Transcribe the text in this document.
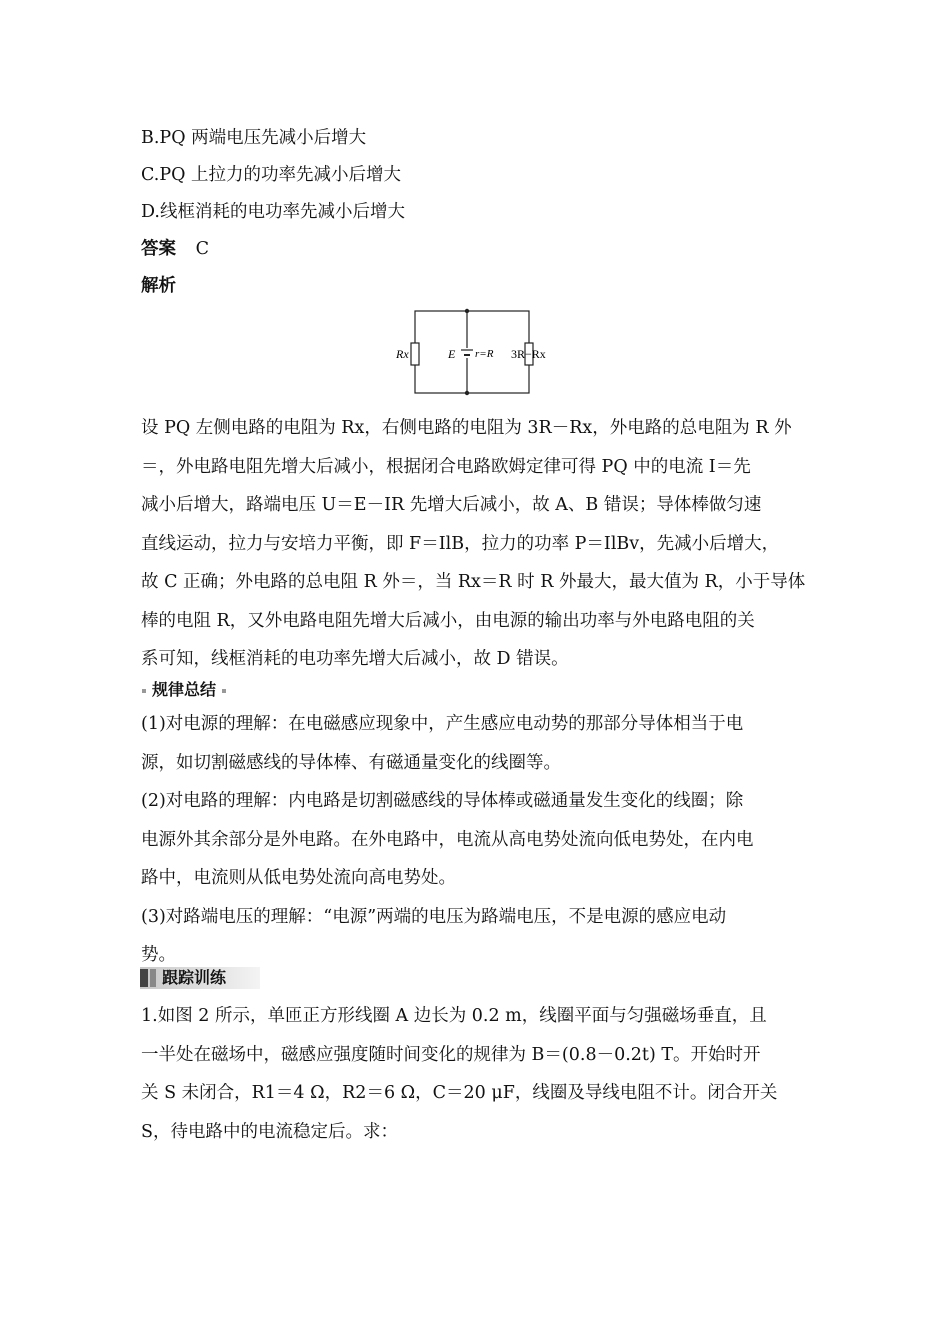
B.PQ 两端电压先减小后增大
C.PQ 上拉力的功率先减小后增大
D.线框消耗的电功率先减小后增大
答案 C
解析
Rx	E r=R 3R−Rx
设 PQ 左侧电路的电阻为 Rx，右侧电路的电阻为 3R－Rx，外电路的总电阻为 R 外
＝，外电路电阻先增大后减小，根据闭合电路欧姆定律可得 PQ 中的电流 I＝先
减小后增大，路端电压 U＝E－IR 先增大后减小，故 A、B 错误；导体棒做匀速
直线运动，拉力与安培力平衡，即 F＝IlB，拉力的功率 P＝IlBv，先减小后增大，
故 C 正确；外电路的总电阻 R 外＝，当 Rx＝R 时 R 外最大，最大值为 R，小于导体
棒的电阻 R，又外电路电阻先增大后减小，由电源的输出功率与外电路电阻的关
系可知，线框消耗的电功率先增大后减小，故 D 错误。
规律总结
(1)对电源的理解：在电磁感应现象中，产生感应电动势的那部分导体相当于电
源，如切割磁感线的导体棒、有磁通量变化的线圈等。
(2)对电路的理解：内电路是切割磁感线的导体棒或磁通量发生变化的线圈；除
电源外其余部分是外电路。在外电路中，电流从高电势处流向低电势处，在内电
路中，电流则从低电势处流向高电势处。
(3)对路端电压的理解：“电源”两端的电压为路端电压，不是电源的感应电动
势。
跟踪训练
1.如图 2 所示，单匝正方形线圈 A 边长为 0.2 m，线圈平面与匀强磁场垂直，且
一半处在磁场中，磁感应强度随时间变化的规律为 B＝(0.8－0.2t) T。开始时开
关 S 未闭合，R1＝4 Ω，R2＝6 Ω，C＝20 μF，线圈及导线电阻不计。闭合开关
S，待电路中的电流稳定后。求：
